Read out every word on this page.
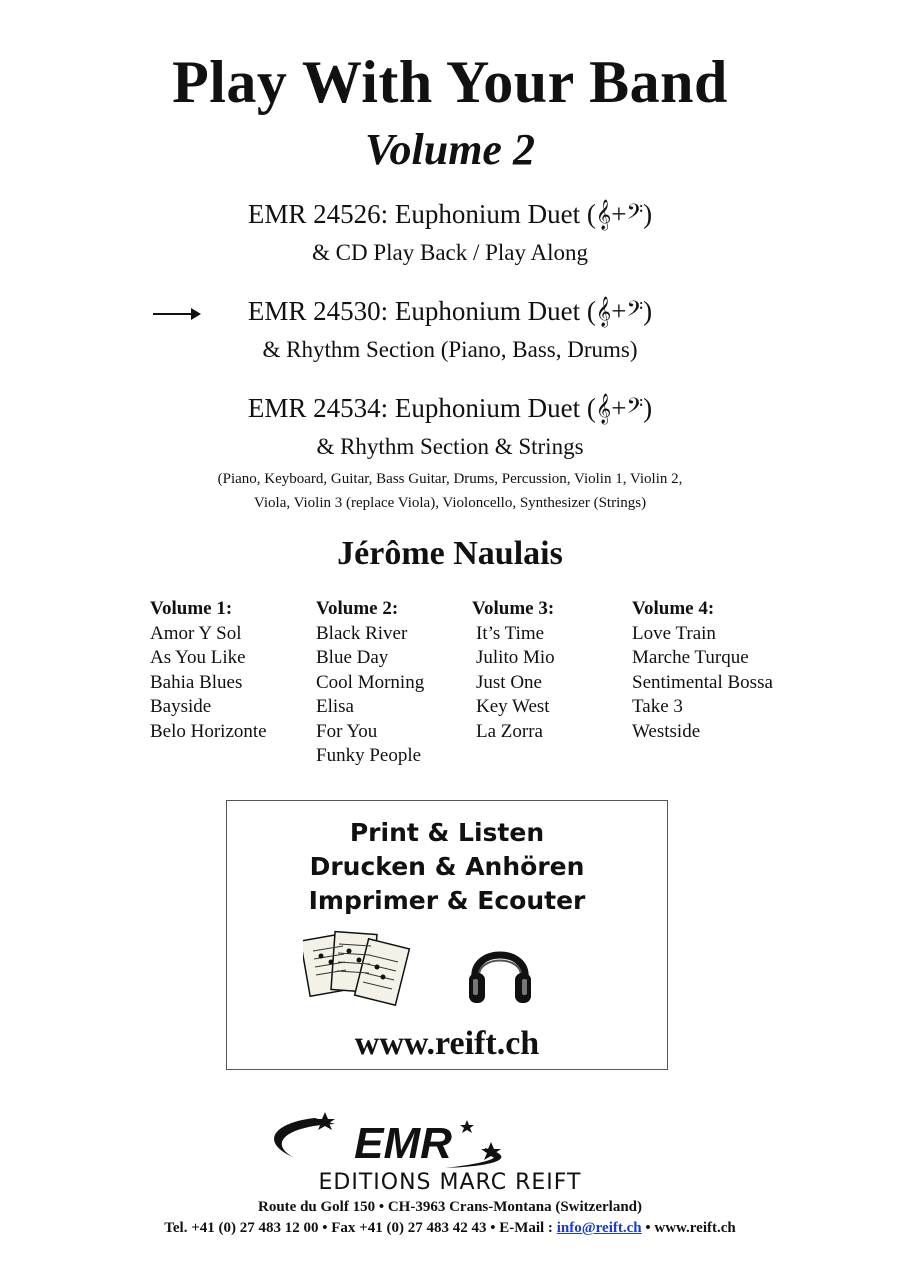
Play With Your Band
Volume 2
EMR 24526: Euphonium Duet (𝄞+𝄢)
& CD Play Back / Play Along
EMR 24530: Euphonium Duet (𝄞+𝄢)
& Rhythm Section (Piano, Bass, Drums)
EMR 24534: Euphonium Duet (𝄞+𝄢)
& Rhythm Section & Strings
(Piano, Keyboard, Guitar, Bass Guitar, Drums, Percussion, Violin 1, Violin 2,
Viola, Violin 3 (replace Viola), Violoncello, Synthesizer (Strings)
Jérôme Naulais
Volume 1:
Amor Y Sol
As You Like
Bahia Blues
Bayside
Belo Horizonte
Volume 2:
Black River
Blue Day
Cool Morning
Elisa
For You
Funky People
Volume 3:
It’s Time
Julito Mio
Just One
Key West
La Zorra
Volume 4:
Love Train
Marche Turque
Sentimental Bossa
Take 3
Westside
Print & Listen
Drucken & Anhören
Imprimer & Ecouter
www.reift.ch
EMR
EDITIONS MARC REIFT
Route du Golf 150 • CH-3963 Crans-Montana (Switzerland)
Tel. +41 (0) 27 483 12 00 • Fax +41 (0) 27 483 42 43 • E-Mail : info@reift.ch • www.reift.ch
